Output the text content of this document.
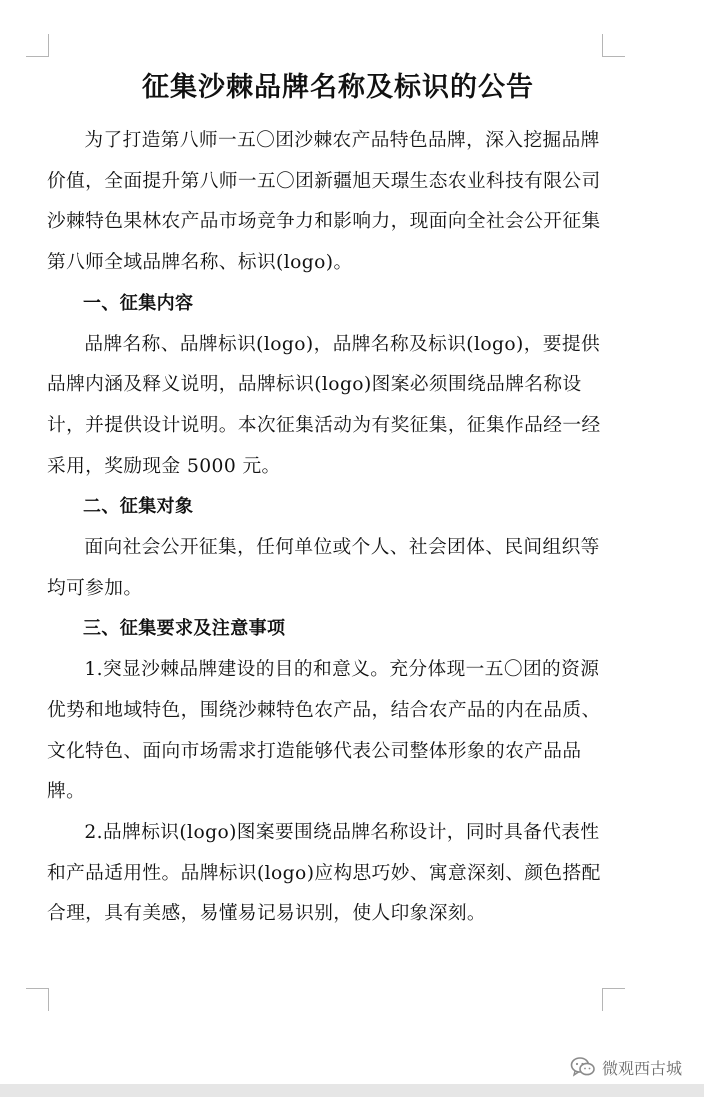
征集沙棘品牌名称及标识的公告

为了打造第八师一五〇团沙棘农产品特色品牌，深入挖掘品牌价值，全面提升第八师一五〇团新疆旭天璟生态农业科技有限公司沙棘特色果林农产品市场竞争力和影响力，现面向全社会公开征集第八师全域品牌名称、标识(logo)。

一、征集内容

品牌名称、品牌标识(logo)，品牌名称及标识(logo)，要提供品牌内涵及释义说明，品牌标识(logo)图案必须围绕品牌名称设计，并提供设计说明。本次征集活动为有奖征集，征集作品经一经采用，奖励现金 5000 元。

二、征集对象

面向社会公开征集，任何单位或个人、社会团体、民间组织等均可参加。

三、征集要求及注意事项

1.突显沙棘品牌建设的目的和意义。充分体现一五〇团的资源优势和地域特色，围绕沙棘特色农产品，结合农产品的内在品质、文化特色、面向市场需求打造能够代表公司整体形象的农产品品牌。

2.品牌标识(logo)图案要围绕品牌名称设计，同时具备代表性和产品适用性。品牌标识(logo)应构思巧妙、寓意深刻、颜色搭配合理，具有美感，易懂易记易识别，使人印象深刻。

微观西古城
